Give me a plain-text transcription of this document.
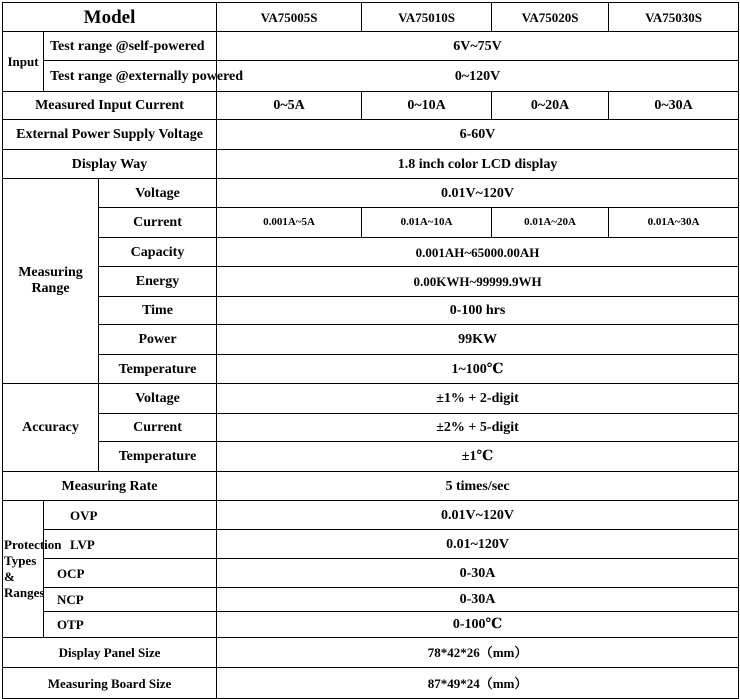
Model			VA75005S	VA75010S	VA75020S	VA75030S
Input	Test range @self-powered		6V~75V			
	Test range @externally powered		0~120V			
Measured Input Current			0~5A	0~10A	0~20A	0~30A
External Power Supply Voltage			6-60V			
Display Way			1.8 inch color LCD display			
Measuring Range		Voltage	0.01V~120V			
		Current	0.001A~5A	0.01A~10A	0.01A~20A	0.01A~30A
		Capacity	0.001AH~65000.00AH			
		Energy	0.00KWH~99999.9WH			
		Time	0-100 hrs			
		Power	99KW			
		Temperature	1~100℃			
Accuracy		Voltage	±1% + 2-digit			
		Current	±2% + 5-digit			
		Temperature	±1℃			
Measuring Rate			5 times/sec			
Protection Types & Ranges	OVP		0.01V~120V			
	LVP		0.01~120V			
	OCP		0-30A			
	NCP		0-30A			
	OTP		0-100℃			
Display Panel Size			78*42*26（mm）			
Measuring Board Size			87*49*24（mm）			
